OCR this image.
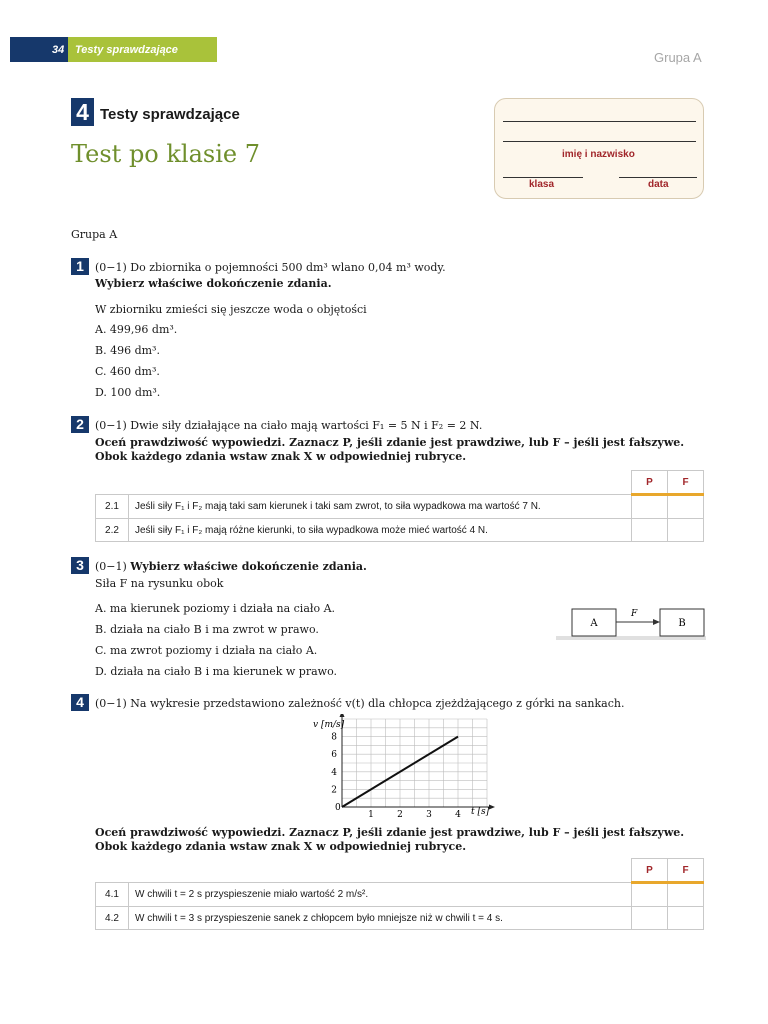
34 Testy sprawdzające	Grupa A
4 Testy sprawdzające
Test po klasie 7	imię i nazwisko
klasa	data
Grupa A
1	(0−1) Do zbiornika o pojemności 500 dm³ wlano 0,04 m³ wody.
Wybierz właściwe dokończenie zdania.
W zbiorniku zmieści się jeszcze woda o objętości
A. 499,96 dm³.
B. 496 dm³.
C. 460 dm³.
D. 100 dm³.
2	(0−1) Dwie siły działające na ciało mają wartości F₁ = 5 N i F₂ = 2 N.
Oceń prawdziwość wypowiedzi. Zaznacz P, jeśli zdanie jest prawdziwe, lub F – jeśli jest fałszywe.
Obok każdego zdania wstaw znak X w odpowiedniej rubryce.
		P	F
2.1	Jeśli siły F₁ i F₂ mają taki sam kierunek i taki sam zwrot, to siła wypadkowa ma wartość 7 N.		
2.2	Jeśli siły F₁ i F₂ mają różne kierunki, to siła wypadkowa może mieć wartość 4 N.		
3	(0−1) Wybierz właściwe dokończenie zdania.
Siła F na rysunku obok
A. ma kierunek poziomy i działa na ciało A.
B. działa na ciało B i ma zwrot w prawo.
C. ma zwrot poziomy i działa na ciało A.
D. działa na ciało B i ma kierunek w prawo.
A	B
F
4	(0−1) Na wykresie przedstawiono zależność v(t) dla chłopca zjeżdżającego z górki na sankach.
1	2	3	4
2
4
6
8
v [m/s]
t [s]
0
Oceń prawdziwość wypowiedzi. Zaznacz P, jeśli zdanie jest prawdziwe, lub F – jeśli jest fałszywe.
Obok każdego zdania wstaw znak X w odpowiedniej rubryce.
		P	F
4.1	W chwili t = 2 s przyspieszenie miało wartość 2 m/s².		
4.2	W chwili t = 3 s przyspieszenie sanek z chłopcem było mniejsze niż w chwili t = 4 s.		
